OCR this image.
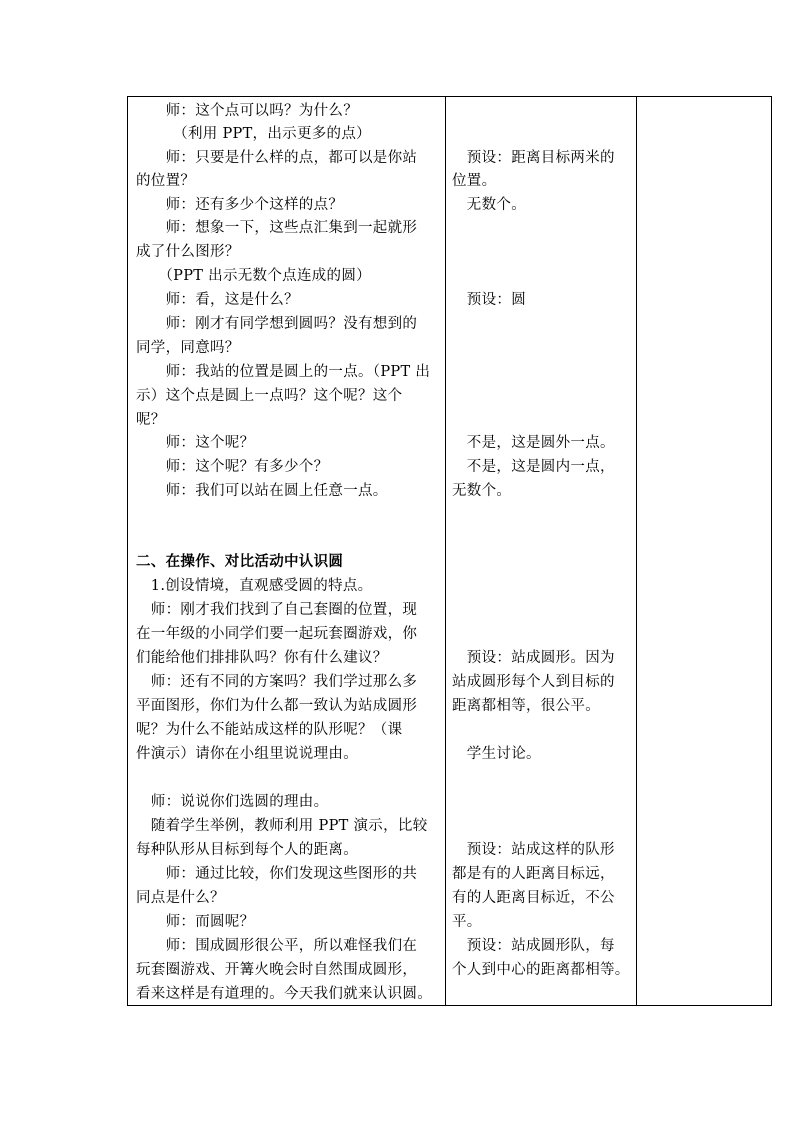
　　师：这个点可以吗？为什么？
　　　（利用 PPT，出示更多的点）
　　师：只要是什么样的点，都可以是你站
的位置？
　　师：还有多少个这样的点？
　　师：想象一下，这些点汇集到一起就形
成了什么图形？
　　（PPT 出示无数个点连成的圆）
　　师：看，这是什么？
　　师：刚才有同学想到圆吗？没有想到的
同学，同意吗？
　　师：我站的位置是圆上的一点。（PPT 出
示）这个点是圆上一点吗？这个呢？这个
呢？
　　师：这个呢？
　　师：这个呢？有多少个？
　　师：我们可以站在圆上任意一点。
二、在操作、对比活动中认识圆
　1.创设情境，直观感受圆的特点。
　师：刚才我们找到了自己套圈的位置，现
在一年级的小同学们要一起玩套圈游戏，你
们能给他们排排队吗？你有什么建议？
　师：还有不同的方案吗？我们学过那么多
平面图形，你们为什么都一致认为站成圆形
呢？为什么不能站成这样的队形呢？（课
件演示）请你在小组里说说理由。
　师：说说你们选圆的理由。
　随着学生举例，教师利用 PPT 演示，比较
每种队形从目标到每个人的距离。
　　师：通过比较，你们发现这些图形的共
同点是什么？
　　师：而圆呢？
　　师：围成圆形很公平，所以难怪我们在
玩套圈游戏、开篝火晚会时自然围成圆形，
看来这样是有道理的。今天我们就来认识圆。
　预设：距离目标两米的
位置。
　无数个。
　预设：圆
　不是，这是圆外一点。
　不是，这是圆内一点，
无数个。
　预设：站成圆形。因为
站成圆形每个人到目标的
距离都相等，很公平。
　学生讨论。
　预设：站成这样的队形
都是有的人距离目标远，
有的人距离目标近，不公
平。
　预设：站成圆形队，每
个人到中心的距离都相等。
